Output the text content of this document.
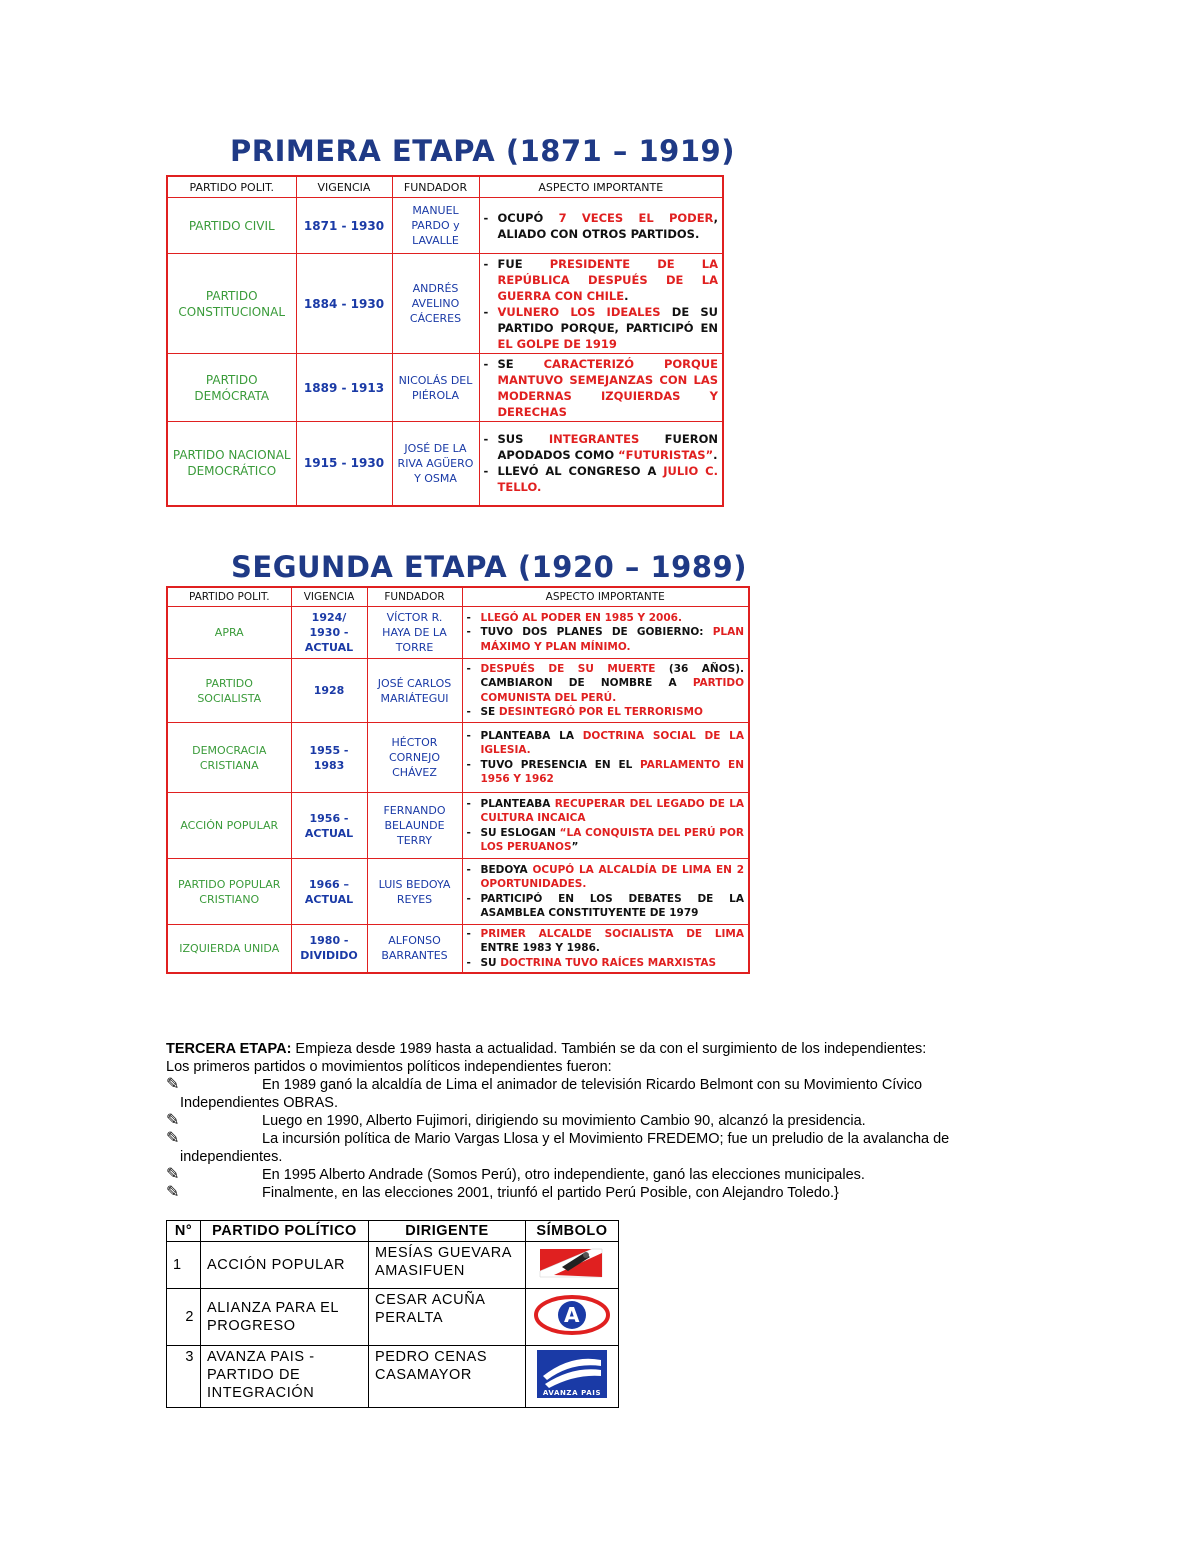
PRIMERA ETAPA (1871 – 1919)
PARTIDO POLIT.	VIGENCIA	FUNDADOR	ASPECTO IMPORTANTE
PARTIDO CIVIL	1871 - 1930	MANUEL PARDO y LAVALLE	- OCUPÓ 7 VECES EL PODER, ALIADO CON OTROS PARTIDOS.

PARTIDO CONSTITUCIONAL	1884 - 1930	ANDRÉS AVELINO CÁCERES	- FUE PRESIDENTE DE LA REPÚBLICA DESPUÉS DE LA GUERRA CON CHILE.
- VULNERO LOS IDEALES DE SU PARTIDO PORQUE, PARTICIPÓ EN EL GOLPE DE 1919

PARTIDO DEMÓCRATA	1889 - 1913	NICOLÁS DEL PIÉROLA	- SE CARACTERIZÓ PORQUE MANTUVO SEMEJANZAS CON LAS MODERNAS IZQUIERDAS Y DERECHAS

PARTIDO NACIONAL DEMOCRÁTICO	1915 - 1930	JOSÉ DE LA RIVA AGÜERO Y OSMA	- SUS INTEGRANTES FUERON APODADOS COMO “FUTURISTAS”.
- LLEVÓ AL CONGRESO A JULIO C. TELLO.
SEGUNDA ETAPA (1920 – 1989)
PARTIDO POLIT.	VIGENCIA	FUNDADOR	ASPECTO IMPORTANTE
APRA	1924/ 1930 - ACTUAL	VÍCTOR R. HAYA DE LA TORRE	- LLEGÓ AL PODER EN 1985 Y 2006.
- TUVO DOS PLANES DE GOBIERNO: PLAN MÁXIMO Y PLAN MÍNIMO.

PARTIDO SOCIALISTA	1928	JOSÉ CARLOS MARIÁTEGUI	- DESPUÉS DE SU MUERTE (36 AÑOS). CAMBIARON DE NOMBRE A PARTIDO COMUNISTA DEL PERÚ.
- SE DESINTEGRÓ POR EL TERRORISMO

DEMOCRACIA CRISTIANA	1955 - 1983	HÉCTOR CORNEJO CHÁVEZ	- PLANTEABA LA DOCTRINA SOCIAL DE LA IGLESIA.
- TUVO PRESENCIA EN EL PARLAMENTO EN 1956 Y 1962

ACCIÓN POPULAR	1956 - ACTUAL	FERNANDO BELAUNDE TERRY	- PLANTEABA RECUPERAR DEL LEGADO DE LA CULTURA INCAICA
- SU ESLOGAN “LA CONQUISTA DEL PERÚ POR LOS PERUANOS”

PARTIDO POPULAR CRISTIANO	1966 – ACTUAL	LUIS BEDOYA REYES	- BEDOYA OCUPÓ LA ALCALDÍA DE LIMA EN 2 OPORTUNIDADES.
- PARTICIPÓ EN LOS DEBATES DE LA ASAMBLEA CONSTITUYENTE DE 1979

IZQUIERDA UNIDA	1980 - DIVIDIDO	ALFONSO BARRANTES	- PRIMER ALCALDE SOCIALISTA DE LIMA ENTRE 1983 Y 1986.
- SU DOCTRINA TUVO RAÍCES MARXISTAS

TERCERA ETAPA: Empieza desde 1989 hasta a actualidad. También se da con el surgimiento de los independientes:

Los primeros partidos o movimientos políticos independientes fueron:

✎	En 1989 ganó la alcaldía de Lima el animador de televisión Ricardo Belmont con su Movimiento Cívico
Independientes OBRAS.
✎	Luego en 1990, Alberto Fujimori, dirigiendo su movimiento Cambio 90, alcanzó la presidencia.
✎	La incursión política de Mario Vargas Llosa y el Movimiento FREDEMO; fue un preludio de la avalancha de
independientes.
✎	En 1995 Alberto Andrade (Somos Perú), otro independiente, ganó las elecciones municipales.
✎	Finalmente, en las elecciones 2001, triunfó el partido Perú Posible, con Alejandro Toledo.}
N°	PARTIDO POLÍTICO	DIRIGENTE	SÍMBOLO
1	ACCIÓN POPULAR	MESÍAS GUEVARA AMASIFUEN	
2	ALIANZA PARA EL PROGRESO	CESAR ACUÑA PERALTA	A

3	AVANZA PAIS - PARTIDO DE INTEGRACIÓN	PEDRO CENAS CASAMAYOR	AVANZA PAIS
